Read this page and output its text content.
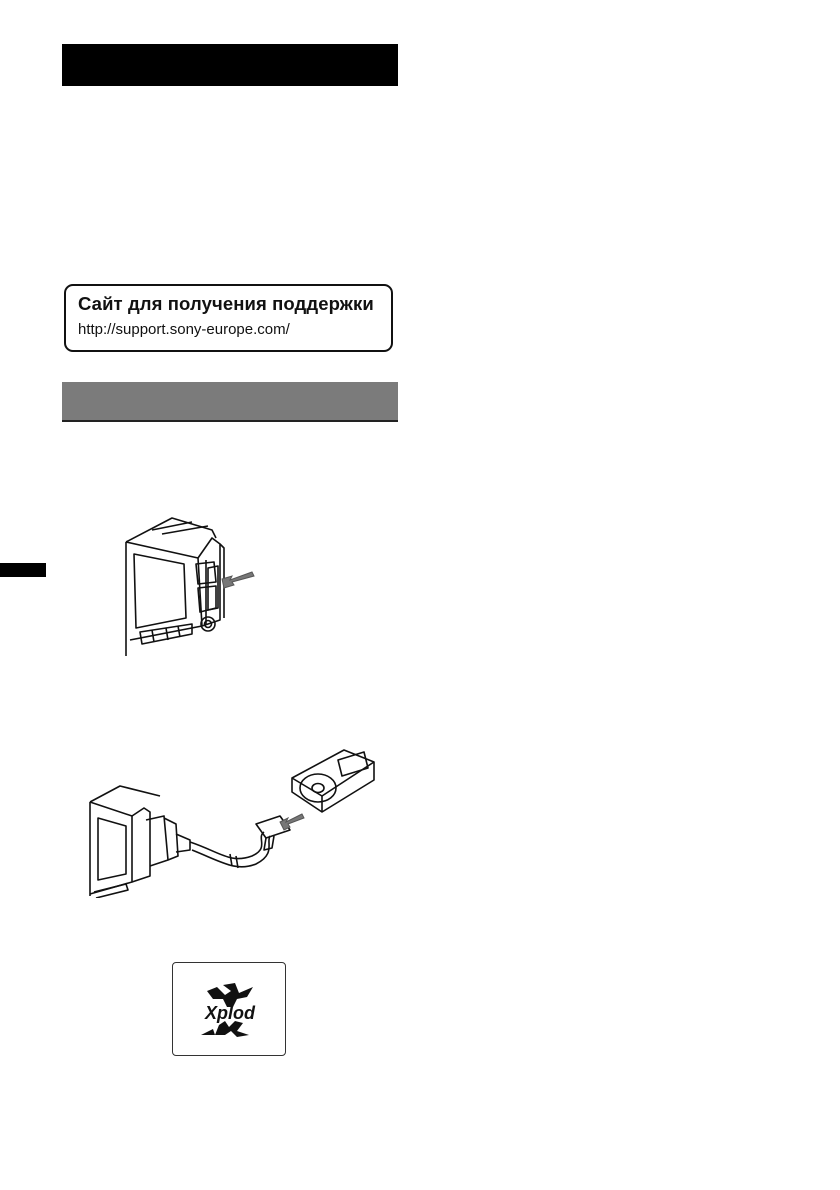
Сайт для получения поддержки
http://support.sony-europe.com/
Xplod
